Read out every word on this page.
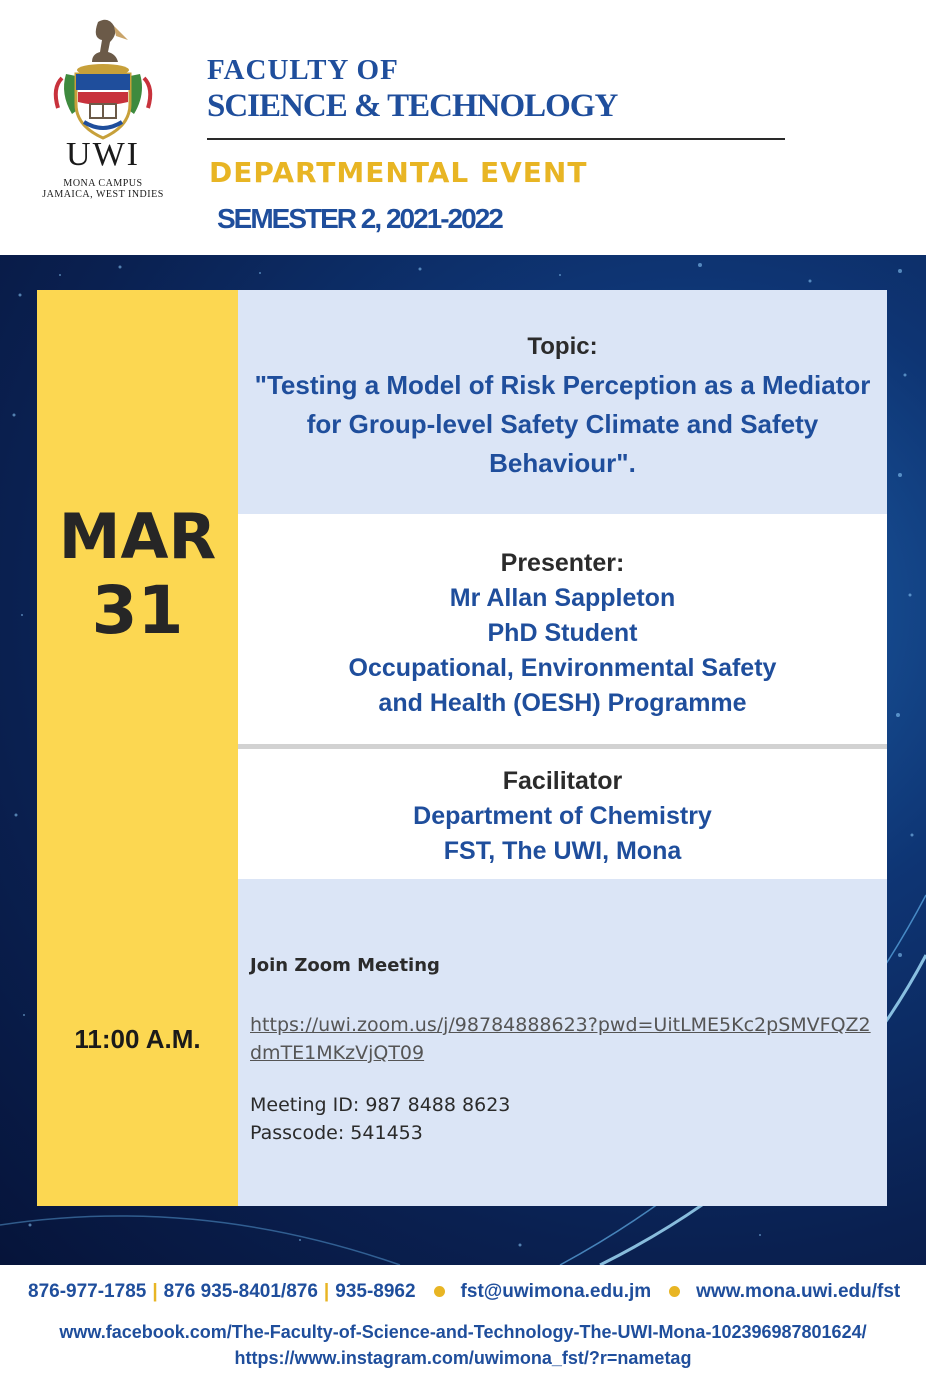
UWI
MONA CAMPUS
JAMAICA, WEST INDIES
FACULTY OF
SCIENCE & TECHNOLOGY
DEPARTMENTAL EVENT
SEMESTER 2, 2021-2022
MAR
31
11:00 A.M.
Topic:
"Testing a Model of Risk Perception as a Mediator
for Group-level Safety Climate and Safety
Behaviour".
Presenter:
Mr Allan Sappleton
PhD Student
Occupational, Environmental Safety
and Health (OESH) Programme
Facilitator
Department of Chemistry
FST, The UWI, Mona
Join Zoom Meeting
https://uwi.zoom.us/j/98784888623?pwd=UitLME5Kc2pSMVFQZ2dmTE1MKzVjQT09
Meeting ID: 987 8488 8623
Passcode: 541453
876-977-1785 | 876 935-8401/876 | 935-8962 fst@uwimona.edu.jm www.mona.uwi.edu/fst
www.facebook.com/The-Faculty-of-Science-and-Technology-The-UWI-Mona-102396987801624/
https://www.instagram.com/uwimona_fst/?r=nametag
